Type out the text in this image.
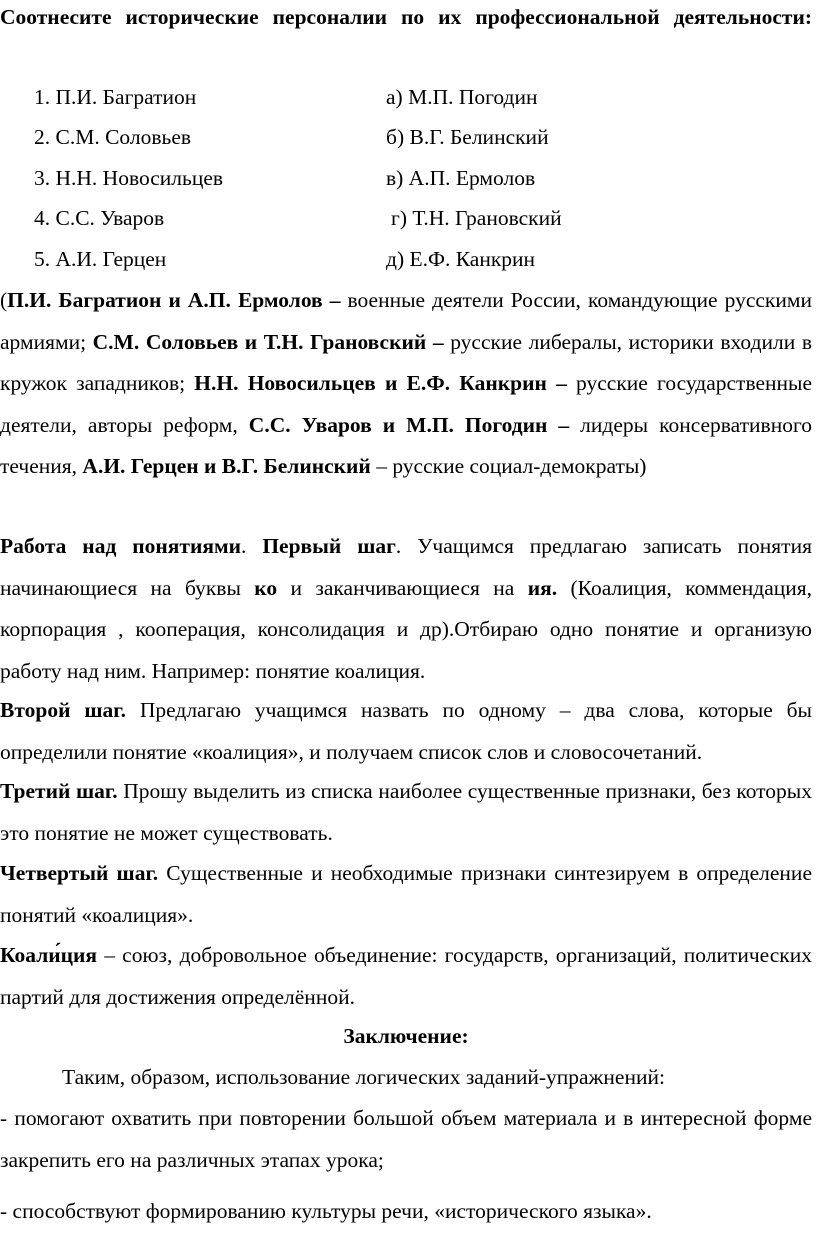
Соотнесите исторические персоналии по их профессиональной деятельности:

1. П.И. Багратион	а) М.П. Погодин
2. С.М. Соловьев	б) В.Г. Белинский
3. Н.Н. Новосильцев	в) А.П. Ермолов
4. С.С. Уваров	г) Т.Н. Грановский
5. А.И. Герцен	д) Е.Ф. Канкрин

(П.И. Багратион и А.П. Ермолов – военные деятели России, командующие русскими армиями; С.М. Соловьев и Т.Н. Грановский – русские либералы, историки входили в кружок западников; Н.Н. Новосильцев и Е.Ф. Канкрин – русские государственные деятели, авторы реформ, С.С. Уваров и М.П. Погодин – лидеры консервативного течения, А.И. Герцен и В.Г. Белинский – русские социал-демократы)

Работа над понятиями. Первый шаг. Учащимся предлагаю записать понятия начинающиеся на буквы ко и заканчивающиеся на ия. (Коалиция, коммендация, корпорация , кооперация, консолидация и др).Отбираю одно понятие и организую работу над ним. Например: понятие коалиция.

Второй шаг. Предлагаю учащимся назвать по одному – два слова, которые бы определили понятие «коалиция», и получаем список слов и словосочетаний.

Третий шаг. Прошу выделить из списка наиболее существенные признаки, без которых это понятие не может существовать.

Четвертый шаг. Существенные и необходимые признаки синтезируем в определение понятий «коалиция».

Коали́ция – союз, добровольное объединение: государств, организаций, политических партий для достижения определённой.

Заключение:

Таким, образом, использование логических заданий-упражнений:

- помогают охватить при повторении большой объем материала и в интересной форме закрепить его на различных этапах урока;

- способствуют формированию культуры речи, «исторического языка».
